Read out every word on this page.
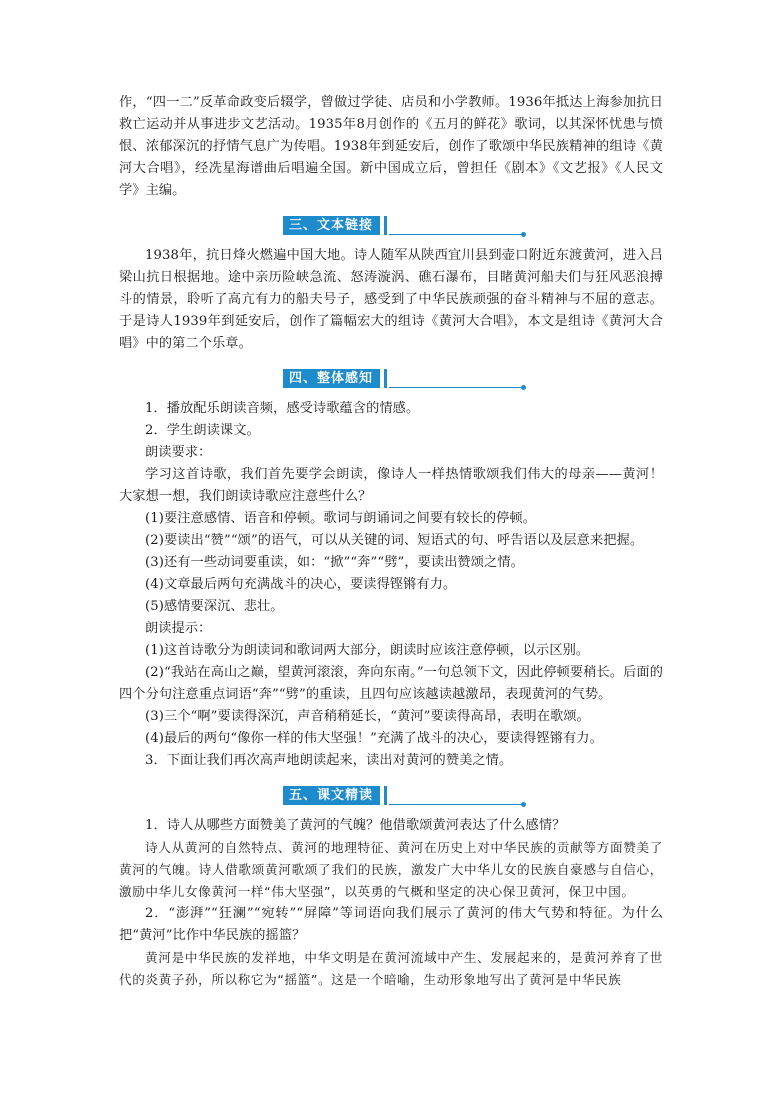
作，“四一二”反革命政变后辍学，曾做过学徒、店员和小学教师。1936年抵达上海参加抗日救亡运动并从事进步文艺活动。1935年8月创作的《五月的鲜花》歌词，以其深怀忧患与愤恨、浓郁深沉的抒情气息广为传唱。1938年到延安后，创作了歌颂中华民族精神的组诗《黄河大合唱》，经冼星海谱曲后唱遍全国。新中国成立后，曾担任《剧本》《文艺报》《人民文学》主编。

三、文本链接

1938年，抗日烽火燃遍中国大地。诗人随军从陕西宜川县到壶口附近东渡黄河，进入吕梁山抗日根据地。途中亲历险峡急流、怒涛漩涡、礁石瀑布，目睹黄河船夫们与狂风恶浪搏斗的情景，聆听了高亢有力的船夫号子，感受到了中华民族顽强的奋斗精神与不屈的意志。于是诗人1939年到延安后，创作了篇幅宏大的组诗《黄河大合唱》，本文是组诗《黄河大合唱》中的第二个乐章。

四、整体感知

1．播放配乐朗读音频，感受诗歌蕴含的情感。

2．学生朗读课文。

朗读要求：

学习这首诗歌，我们首先要学会朗读，像诗人一样热情歌颂我们伟大的母亲——黄河！大家想一想，我们朗读诗歌应注意些什么？

(1)要注意感情、语音和停顿。歌词与朗诵词之间要有较长的停顿。

(2)要读出“赞”“颂”的语气，可以从关键的词、短语式的句、呼告语以及层意来把握。

(3)还有一些动词要重读，如：“掀”“奔”“劈”，要读出赞颂之情。

(4)文章最后两句充满战斗的决心，要读得铿锵有力。

(5)感情要深沉、悲壮。

朗读提示：

(1)这首诗歌分为朗读词和歌词两大部分，朗读时应该注意停顿，以示区别。

(2)“我站在高山之巅，望黄河滚滚，奔向东南。”一句总领下文，因此停顿要稍长。后面的四个分句注意重点词语“奔”“劈”的重读，且四句应该越读越激昂，表现黄河的气势。

(3)三个“啊”要读得深沉，声音稍稍延长，“黄河”要读得高昂，表明在歌颂。

(4)最后的两句“像你一样的伟大坚强！”充满了战斗的决心，要读得铿锵有力。

3．下面让我们再次高声地朗读起来，读出对黄河的赞美之情。

五、课文精读

1．诗人从哪些方面赞美了黄河的气魄？他借歌颂黄河表达了什么感情？

诗人从黄河的自然特点、黄河的地理特征、黄河在历史上对中华民族的贡献等方面赞美了黄河的气魄。诗人借歌颂黄河歌颂了我们的民族，激发广大中华儿女的民族自豪感与自信心，激励中华儿女像黄河一样“伟大坚强”，以英勇的气概和坚定的决心保卫黄河，保卫中国。

2．“澎湃”“狂澜”“宛转”“屏障”等词语向我们展示了黄河的伟大气势和特征。为什么把“黄河”比作中华民族的摇篮？

黄河是中华民族的发祥地，中华文明是在黄河流域中产生、发展起来的，是黄河养育了世代的炎黄子孙，所以称它为“摇篮”。这是一个暗喻，生动形象地写出了黄河是中华民族
